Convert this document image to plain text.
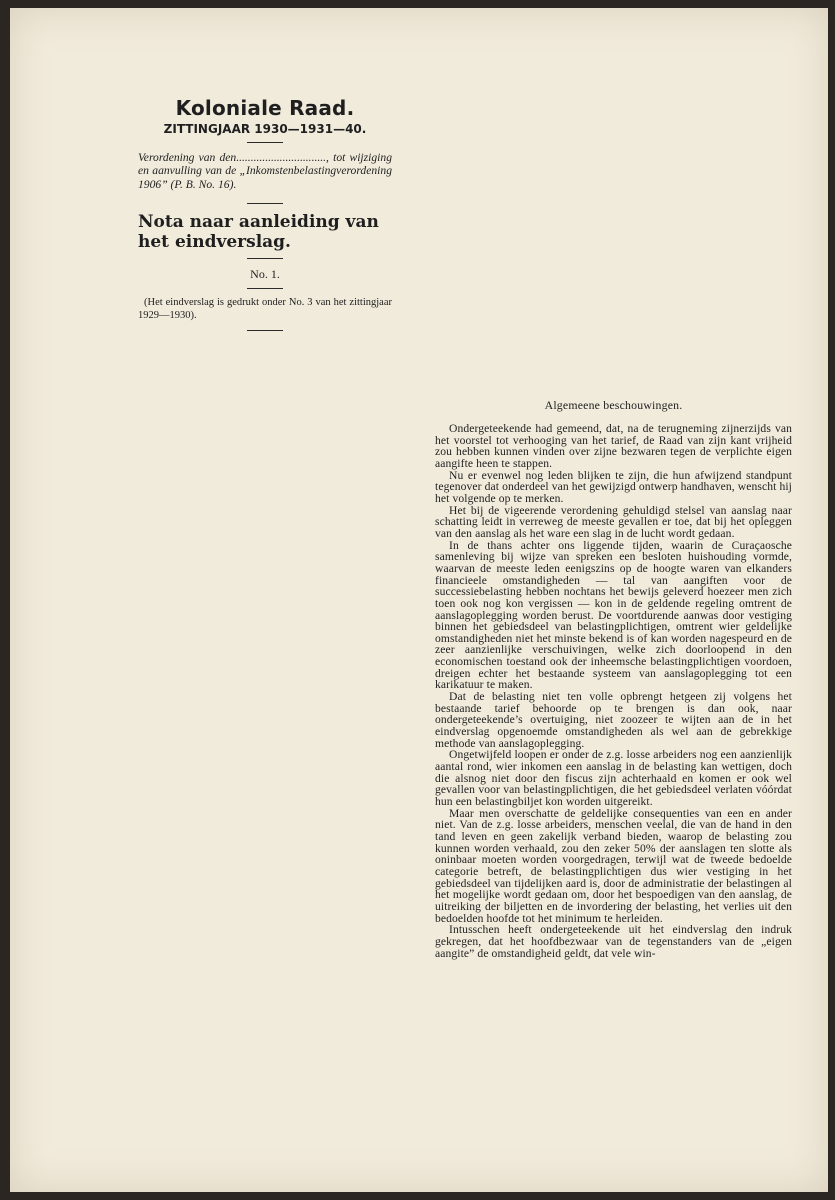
Koloniale Raad.
ZITTINGJAAR 1930—1931—40.

Verordening van den..............................., tot wijziging en aanvulling van de „Inkomstenbelastingverordening 1906” (P. B. No. 16).

Nota naar aanleiding van het eindverslag.
No. 1.

(Het eindverslag is gedrukt onder No. 3 van het zittingjaar 1929—1930).

Algemeene beschouwingen.

Ondergeteekende had gemeend, dat, na de terugneming zijnerzijds van het voorstel tot verhooging van het tarief, de Raad van zijn kant vrijheid zou hebben kunnen vinden over zijne bezwaren tegen de verplichte eigen aangifte heen te stappen.

Nu er evenwel nog leden blijken te zijn, die hun afwijzend standpunt tegenover dat onderdeel van het gewijzigd ontwerp handhaven, wenscht hij het volgende op te merken.

Het bij de vigeerende verordening gehuldigd stelsel van aanslag naar schatting leidt in verreweg de meeste gevallen er toe, dat bij het opleggen van den aanslag als het ware een slag in de lucht wordt gedaan.

In de thans achter ons liggende tijden, waarin de Curaçaosche samenleving bij wijze van spreken een besloten huishouding vormde, waarvan de meeste leden eenigszins op de hoogte waren van elkanders financieele omstandigheden — tal van aangiften voor de successiebelasting hebben nochtans het bewijs geleverd hoezeer men zich toen ook nog kon vergissen — kon in de geldende regeling omtrent de aanslagoplegging worden berust. De voortdurende aanwas door vestiging binnen het gebiedsdeel van belastingplichtigen, omtrent wier geldelijke omstandigheden niet het minste bekend is of kan worden nagespeurd en de zeer aanzienlijke verschuivingen, welke zich doorloopend in den economischen toestand ook der inheemsche belastingplichtigen voordoen, dreigen echter het bestaande systeem van aanslagoplegging tot een karikatuur te maken.

Dat de belasting niet ten volle opbrengt hetgeen zij volgens het bestaande tarief behoorde op te brengen is dan ook, naar ondergeteekende’s overtuiging, niet zoozeer te wijten aan de in het eindverslag opgenoemde omstandigheden als wel aan de gebrekkige methode van aanslagoplegging.

Ongetwijfeld loopen er onder de z.g. losse arbeiders nog een aanzienlijk aantal rond, wier inkomen een aanslag in de belasting kan wettigen, doch die alsnog niet door den fiscus zijn achterhaald en komen er ook wel gevallen voor van belastingplichtigen, die het gebiedsdeel verlaten vóórdat hun een belastingbiljet kon worden uitgereikt.

Maar men overschatte de geldelijke consequenties van een en ander niet. Van de z.g. losse arbeiders, menschen veelal, die van de hand in den tand leven en geen zakelijk verband bieden, waarop de belasting zou kunnen worden verhaald, zou den zeker 50% der aanslagen ten slotte als oninbaar moeten worden voorgedragen, terwijl wat de tweede bedoelde categorie betreft, de belastingplichtigen dus wier vestiging in het gebiedsdeel van tijdelijken aard is, door de administratie der belastingen al het mogelijke wordt gedaan om, door het bespoedigen van den aanslag, de uitreiking der biljetten en de invordering der belasting, het verlies uit den bedoelden hoofde tot het minimum te herleiden.

Intusschen heeft ondergeteekende uit het eindverslag den indruk gekregen, dat het hoofdbezwaar van de tegenstanders van de „eigen aangite” de omstandigheid geldt, dat vele win-
